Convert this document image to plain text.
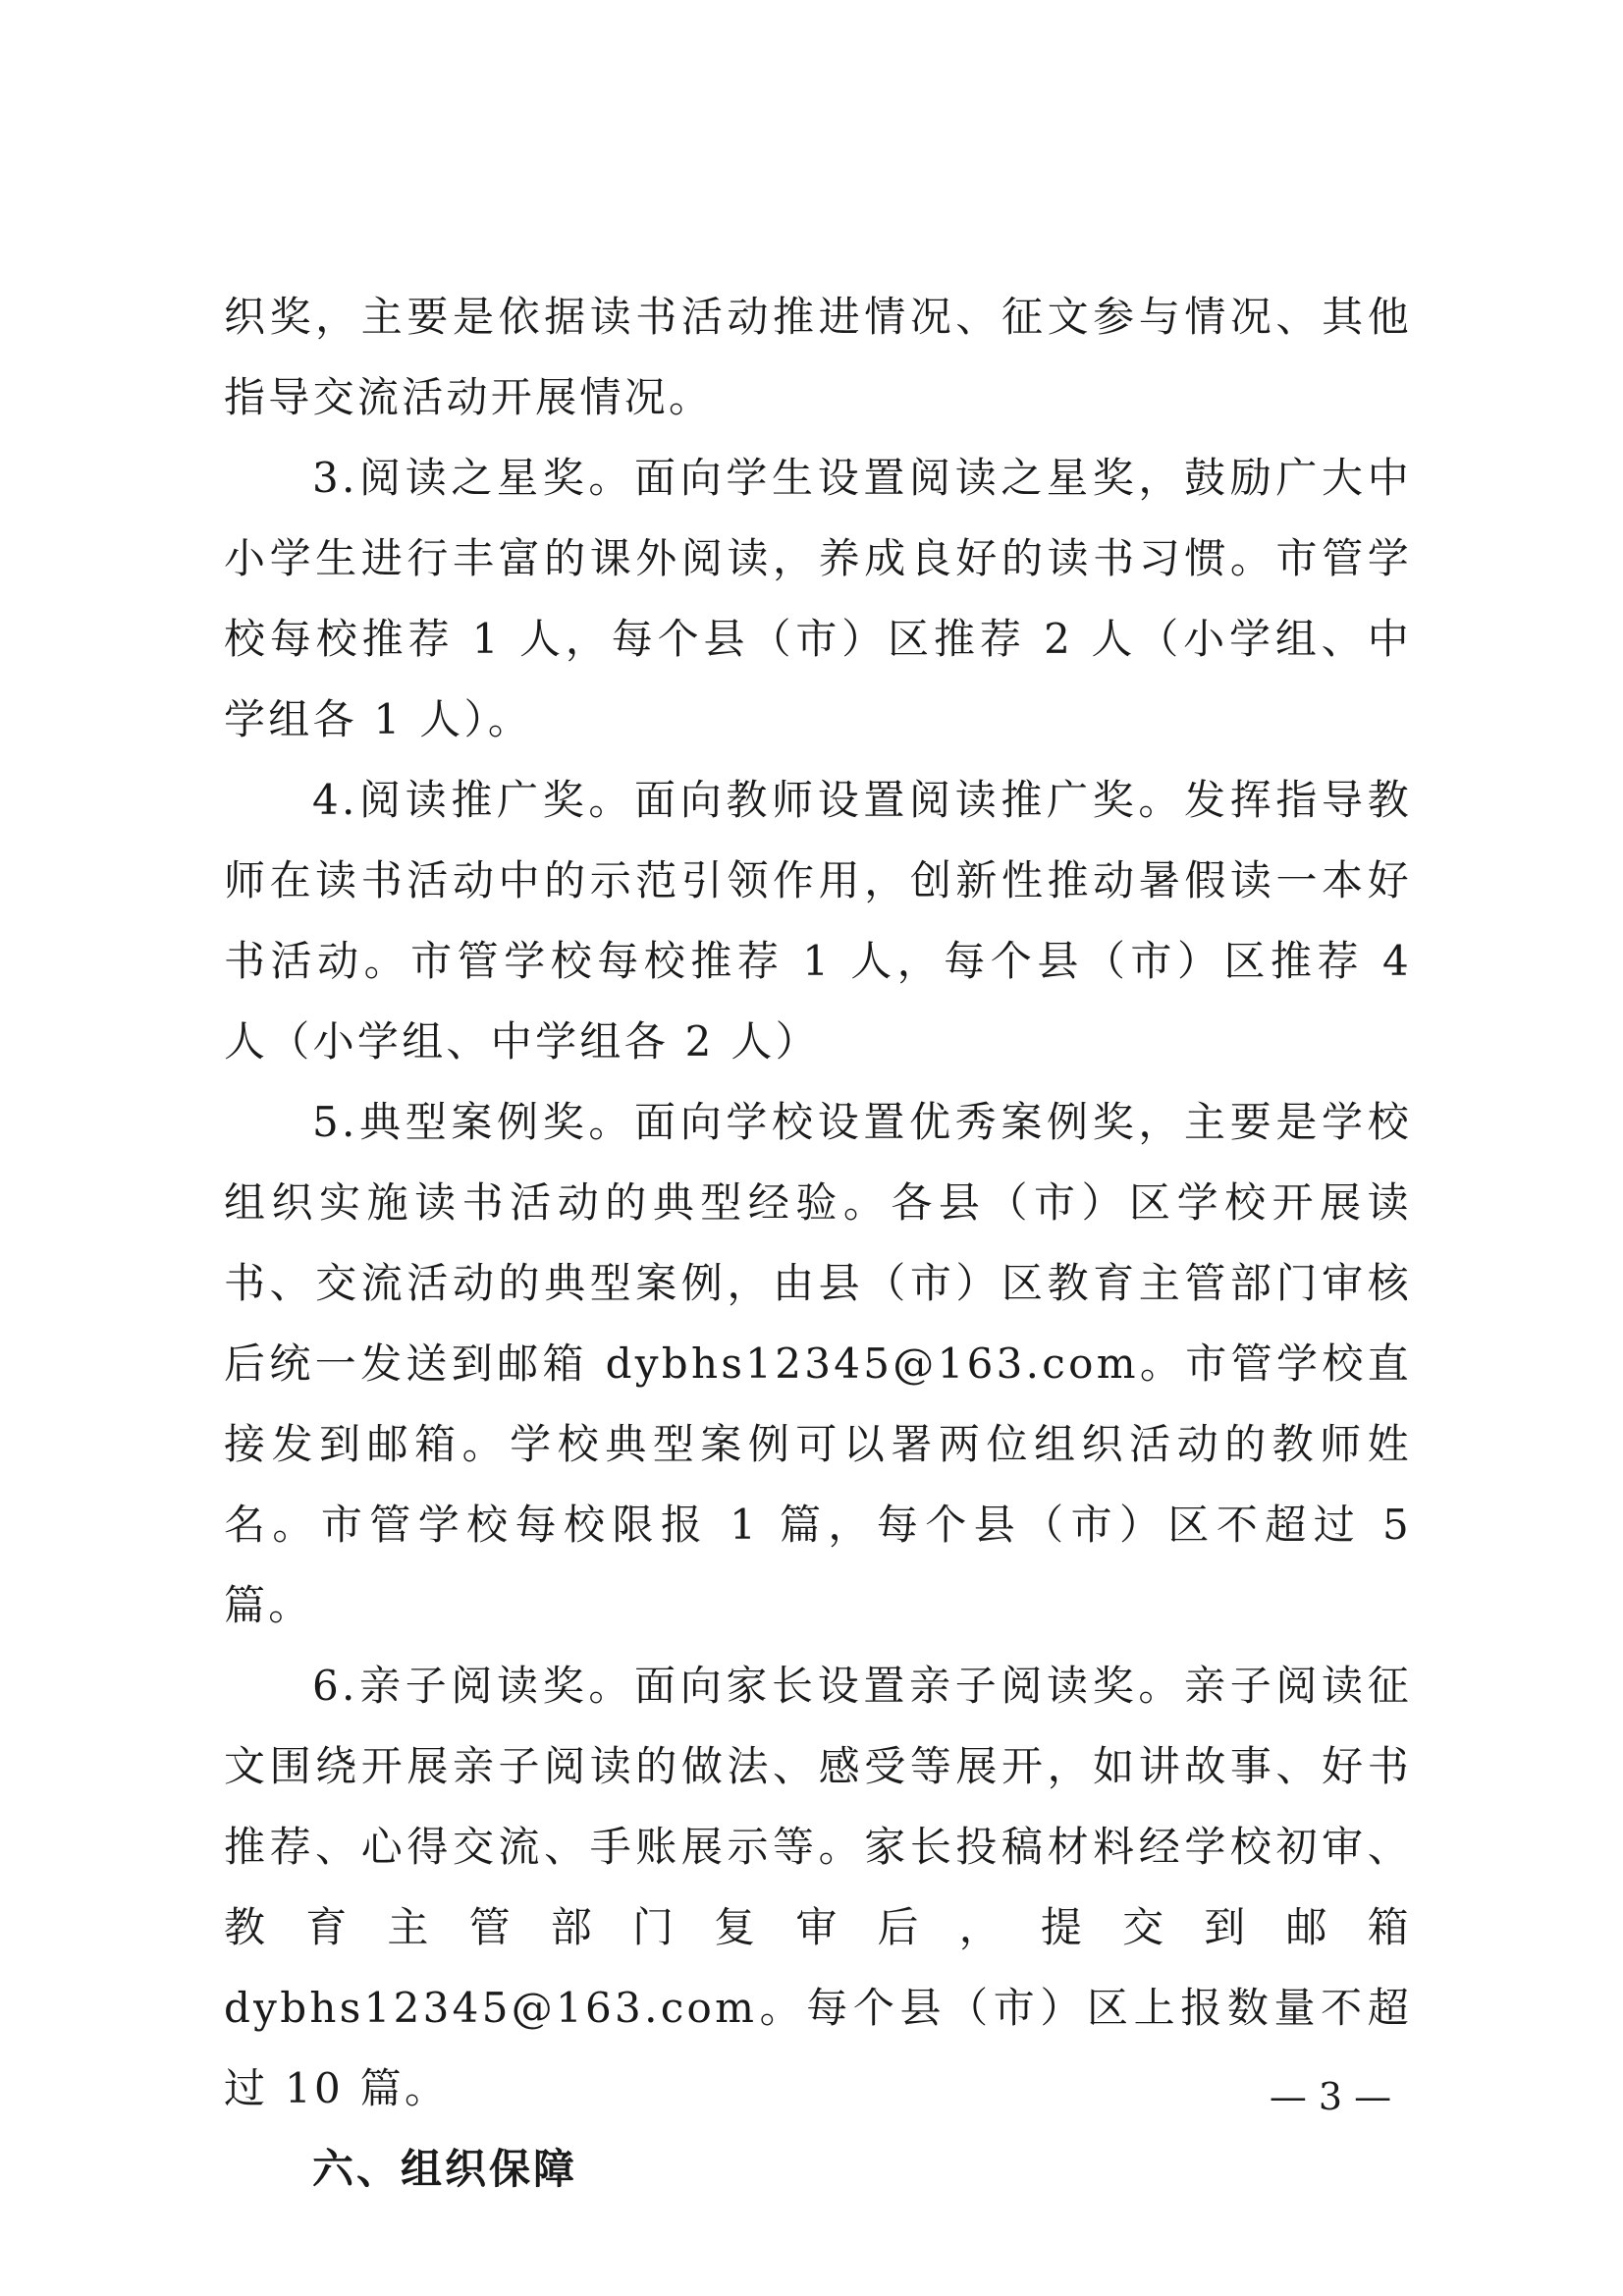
织奖，主要是依据读书活动推进情况、征文参与情况、其他指导交流活动开展情况。

3.阅读之星奖。面向学生设置阅读之星奖，鼓励广大中小学生进行丰富的课外阅读，养成良好的读书习惯。市管学校每校推荐 1 人，每个县（市）区推荐 2 人（小学组、中学组各 1 人）。

4.阅读推广奖。面向教师设置阅读推广奖。发挥指导教师在读书活动中的示范引领作用，创新性推动暑假读一本好书活动。市管学校每校推荐 1 人，每个县（市）区推荐 4 人（小学组、中学组各 2 人）

5.典型案例奖。面向学校设置优秀案例奖，主要是学校组织实施读书活动的典型经验。各县（市）区学校开展读书、交流活动的典型案例，由县（市）区教育主管部门审核后统一发送到邮箱 dybhs12345@163.com。市管学校直接发到邮箱。学校典型案例可以署两位组织活动的教师姓名。市管学校每校限报 1 篇，每个县（市）区不超过 5 篇。

6.亲子阅读奖。面向家长设置亲子阅读奖。亲子阅读征文围绕开展亲子阅读的做法、感受等展开，如讲故事、好书推荐、心得交流、手账展示等。家长投稿材料经学校初审、教育主管部门复审后，提交到邮箱 dybhs12345@163.com。每个县（市）区上报数量不超过 10 篇。

六、组织保障

— 3 —
